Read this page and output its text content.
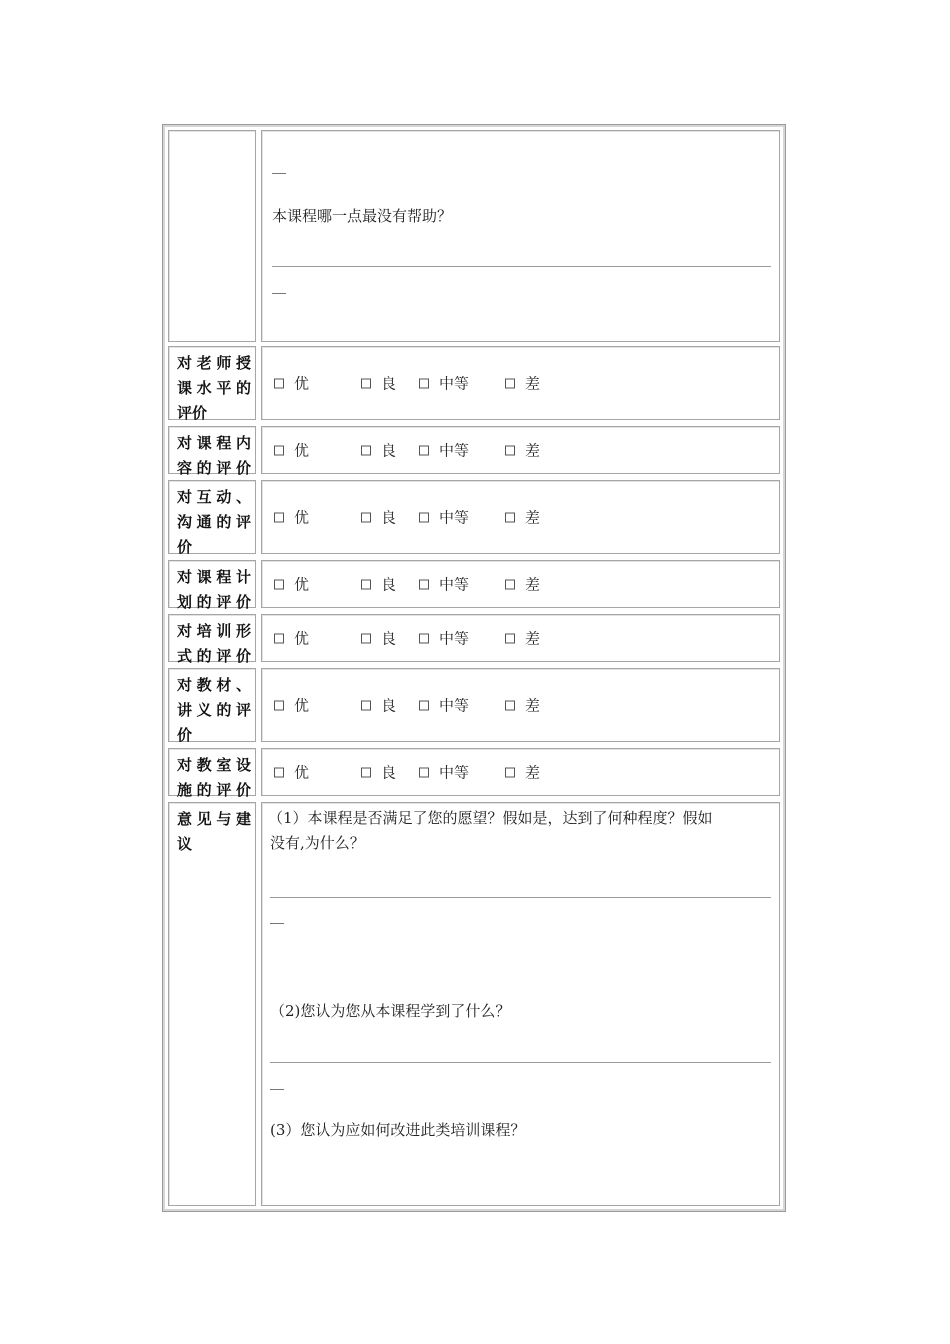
本课程哪一点最没有帮助？
对 老 师 授
课 水 平 的
评价
优	良	中等	差
对 课 程 内
容 的 评 价
优	良	中等	差
对 互 动 、
沟 通 的 评
价
优	良	中等	差
对 课 程 计
划 的 评 价
优	良	中等	差
对 培 训 形
式 的 评 价
优	良	中等	差
对 教 材 、
讲 义 的 评
价
优	良	中等	差
对 教 室 设
施 的 评 价
优	良	中等	差
意 见 与 建
议
（1）本课程是否满足了您的愿望？假如是，达到了何种程度？假如
没有,为什么？
（2)您认为您从本课程学到了什么？
(3）您认为应如何改进此类培训课程？
